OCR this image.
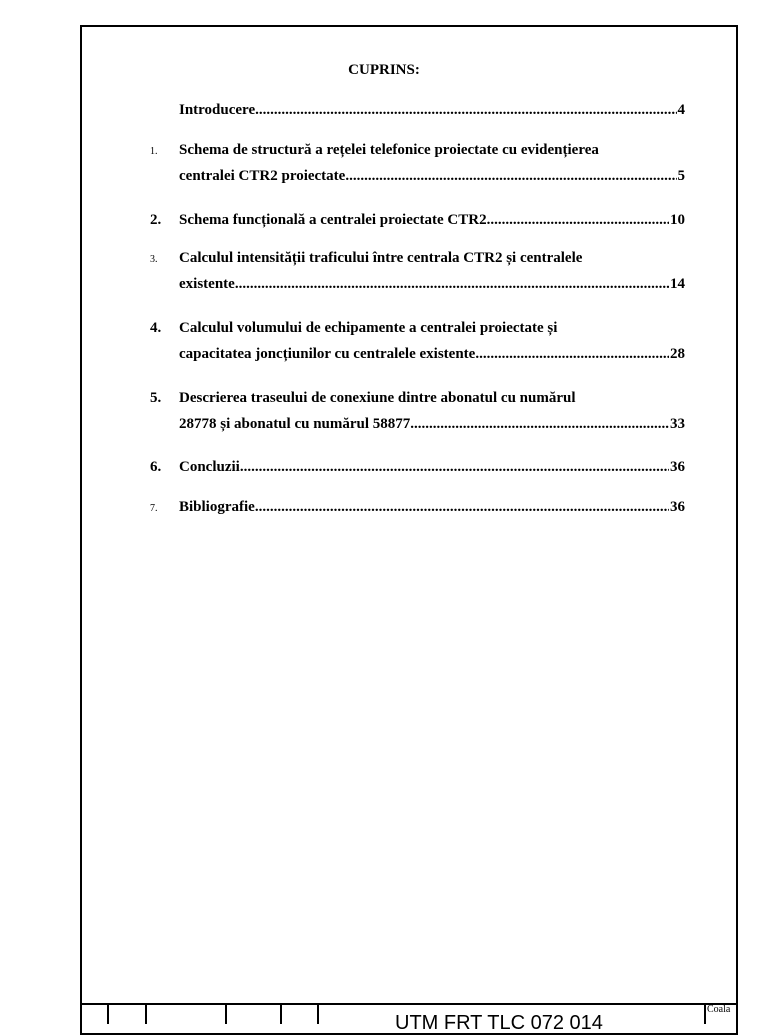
CUPRINS:
Introducere .....	4
1.	Schema de structură a rețelei telefonice proiectate cu evidențierea
centralei CTR2 proiectate .....	5
2.	Schema funcțională a centralei proiectate CTR2 .....	10
3.	Calculul intensității traficului între centrala CTR2 și centralele
existente .....	14
4.	Calculul volumului de echipamente a centralei proiectate și
capacitatea joncțiunilor cu centralele existente .....	28
5.	Descrierea traseului de conexiune dintre abonatul cu numărul
28778 și abonatul cu numărul 58877 .....	33
6.	Concluzii .....	36
7.	Bibliografie .....	36
UTM FRT TLC 072 014
Coala
